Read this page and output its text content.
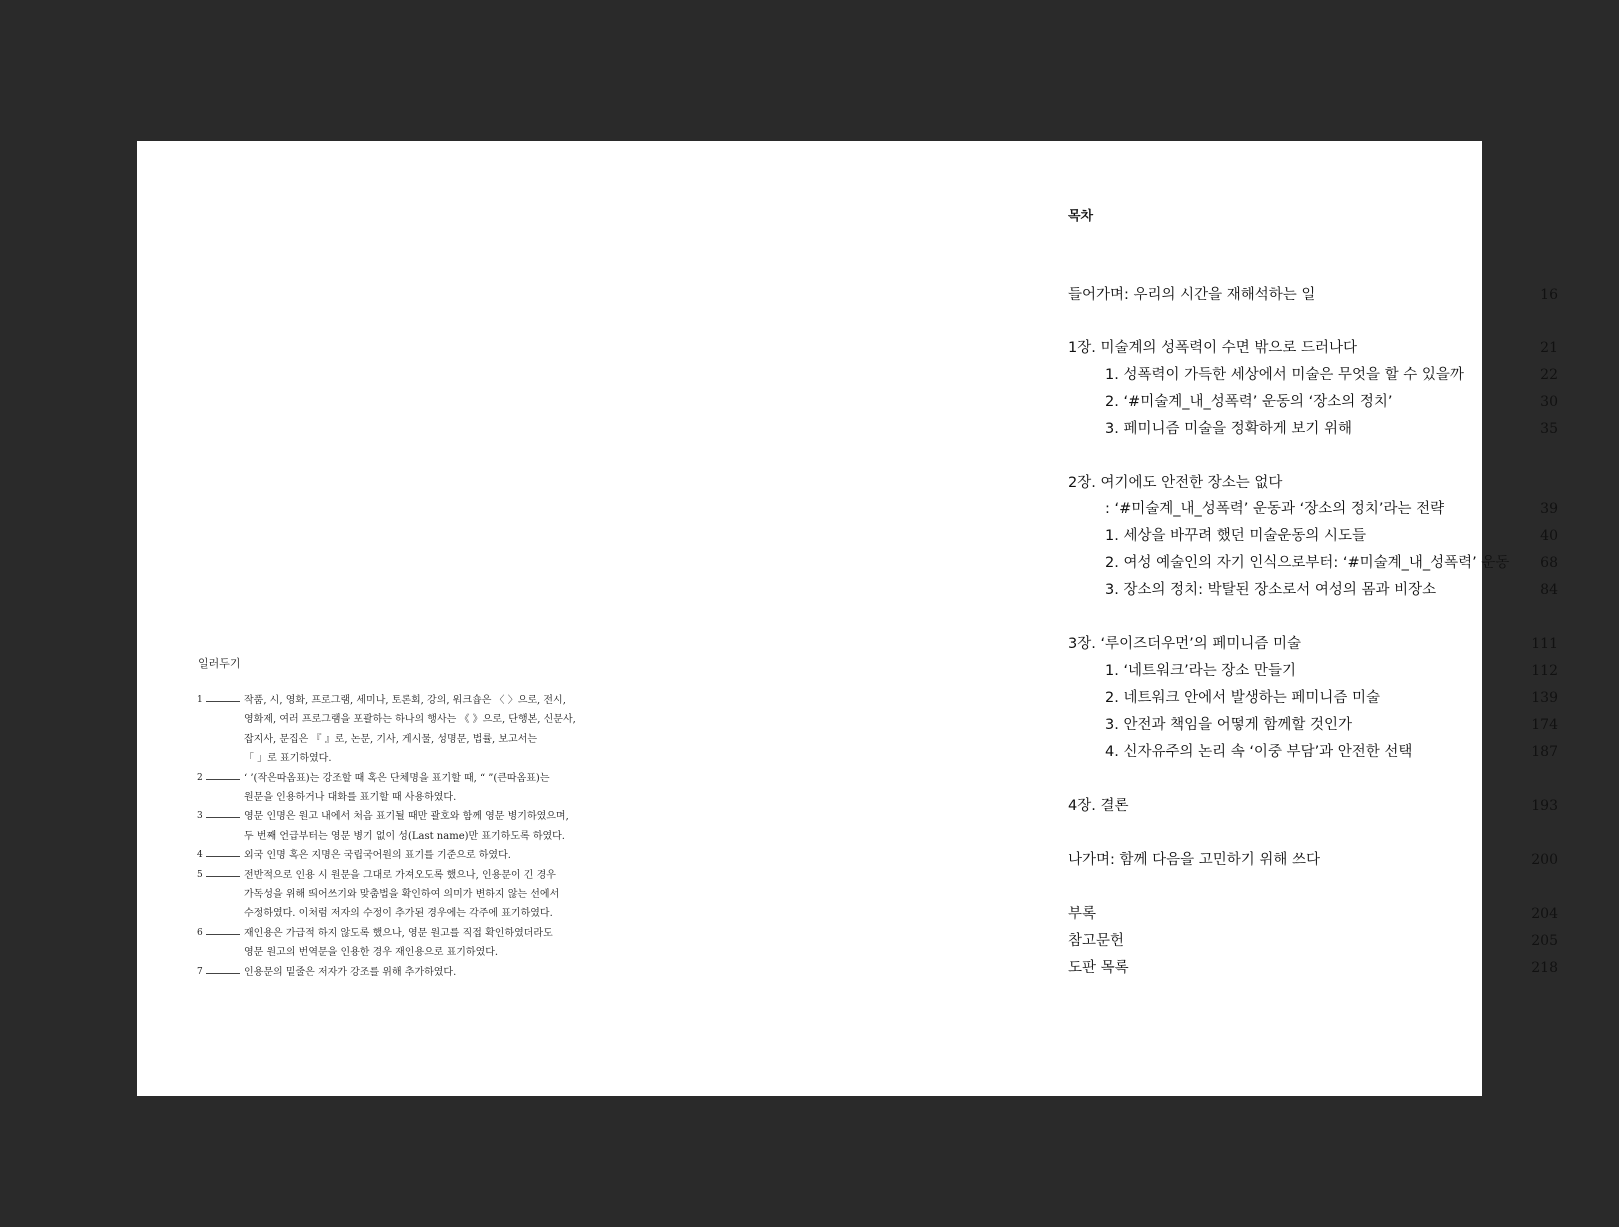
일러두기
1	작품, 시, 영화, 프로그램, 세미나, 토론회, 강의, 워크숍은 〈 〉으로, 전시,
영화제, 여러 프로그램을 포괄하는 하나의 행사는 《 》으로, 단행본, 신문사,
잡지사, 문집은 『 』로, 논문, 기사, 게시물, 성명문, 법률, 보고서는
「 」로 표기하였다.
2	‘ ’(작은따옴표)는 강조할 때 혹은 단체명을 표기할 때, “ ”(큰따옴표)는
원문을 인용하거나 대화를 표기할 때 사용하였다.
3	영문 인명은 원고 내에서 처음 표기될 때만 괄호와 함께 영문 병기하였으며,
두 번째 언급부터는 영문 병기 없이 성(Last name)만 표기하도록 하였다.
4	외국 인명 혹은 지명은 국립국어원의 표기를 기준으로 하였다.
5	전반적으로 인용 시 원문을 그대로 가져오도록 했으나, 인용문이 긴 경우
가독성을 위해 띄어쓰기와 맞춤법을 확인하여 의미가 변하지 않는 선에서
수정하였다. 이처럼 저자의 수정이 추가된 경우에는 각주에 표기하였다.
6	재인용은 가급적 하지 않도록 했으나, 영문 원고를 직접 확인하였더라도
영문 원고의 번역문을 인용한 경우 재인용으로 표기하였다.
7	인용문의 밑줄은 저자가 강조를 위해 추가하였다.
목차
들어가며: 우리의 시간을 재해석하는 일	16
1장. 미술계의 성폭력이 수면 밖으로 드러나다	21
1. 성폭력이 가득한 세상에서 미술은 무엇을 할 수 있을까	22
2. ‘#미술계_내_성폭력’ 운동의 ‘장소의 정치’	30
3. 페미니즘 미술을 정확하게 보기 위해	35
2장. 여기에도 안전한 장소는 없다
: ‘#미술계_내_성폭력’ 운동과 ‘장소의 정치’라는 전략	39
1. 세상을 바꾸려 했던 미술운동의 시도들	40
2. 여성 예술인의 자기 인식으로부터: ‘#미술계_내_성폭력’ 운동 68
3. 장소의 정치: 박탈된 장소로서 여성의 몸과 비장소	84
3장. ‘루이즈더우먼’의 페미니즘 미술	111
1. ‘네트워크’라는 장소 만들기	112
2. 네트워크 안에서 발생하는 페미니즘 미술	139
3. 안전과 책임을 어떻게 함께할 것인가	174
4. 신자유주의 논리 속 ‘이중 부담’과 안전한 선택	187
4장. 결론	193
나가며: 함께 다음을 고민하기 위해 쓰다	200
부록	204
참고문헌	205
도판 목록	218
